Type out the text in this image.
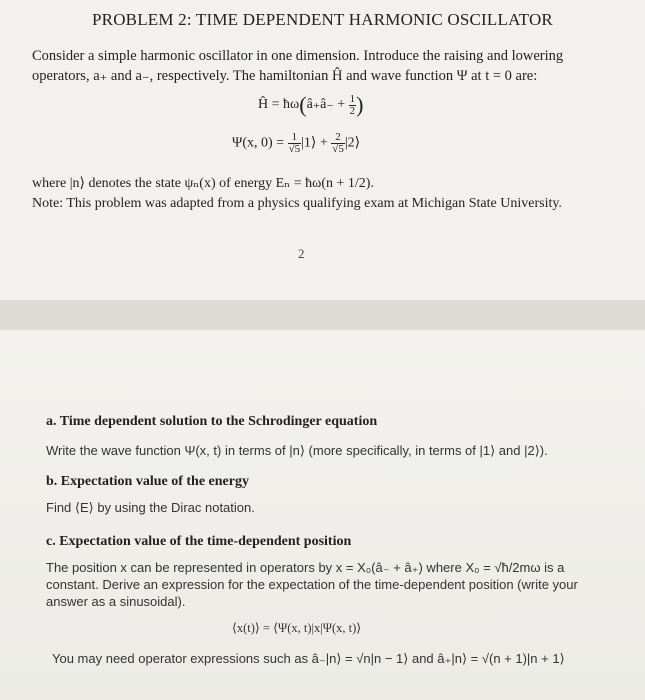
PROBLEM 2: TIME DEPENDENT HARMONIC OSCILLATOR
Consider a simple harmonic oscillator in one dimension. Introduce the raising and lowering
operators, a₊ and a₋, respectively. The hamiltonian Ĥ and wave function Ψ at t = 0 are:
Ĥ = ħω(â₊â₋ + $\frac{1}{2}$ )
Ψ(x, $0) = \frac{1}{√5}$ |1⟩ + $\frac{2}{√5}$ |2⟩
where |n⟩ denotes the state ψₙ(x) of energy Eₙ = ħω(n + 1/2).
Note: This problem was adapted from a physics qualifying exam at Michigan State University.
2
a. Time dependent solution to the Schrodinger equation
Write the wave function Ψ(x, t) in terms of |n⟩ (more specifically, in terms of |1⟩ and |2⟩).
b. Expectation value of the energy
Find ⟨E⟩ by using the Dirac notation.
c. Expectation value of the time-dependent position
The position x can be represented in operators by x = X₀(â₋ + â₊) where X₀ = √ħ/2mω is a
constant. Derive an expression for the expectation of the time-dependent position (write your
answer as a sinusoidal).
⟨x(t)⟩ = ⟨Ψ(x, t)|x|Ψ(x, t)⟩
You may need operator expressions such as â₋|n⟩ = √n|n − 1⟩ and â₊|n⟩ = √(n + 1)|n + 1⟩
